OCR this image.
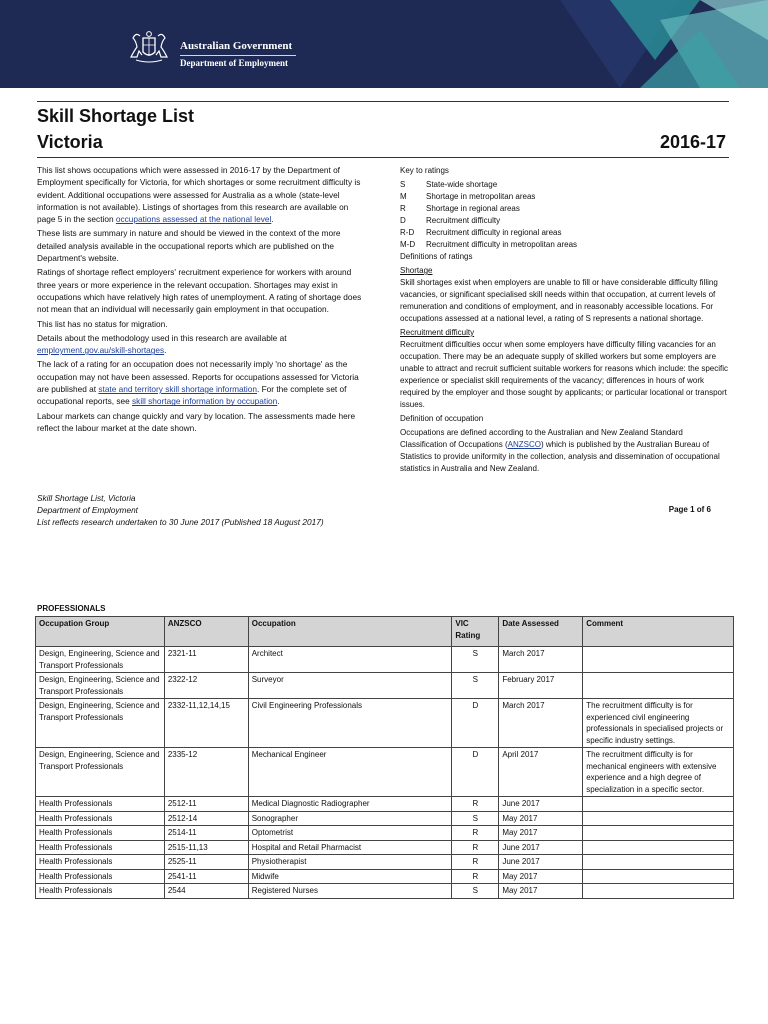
Australian Government
Department of Employment
Skill Shortage List
Victoria	2016-17

This list shows occupations which were assessed in 2016-17 by the Department of Employment specifically for Victoria, for which shortages or some recruitment difficulty is evident. Additional occupations were assessed for Australia as a whole (state-level information is not available). Listings of shortages from this research are available on page 5 in the section occupations assessed at the national level.

These lists are summary in nature and should be viewed in the context of the more detailed analysis available in the occupational reports which are published on the Department's website.

Ratings of shortage reflect employers' recruitment experience for workers with around three years or more experience in the relevant occupation. Shortages may exist in occupations which have relatively high rates of unemployment. A rating of shortage does not mean that an individual will necessarily gain employment in that occupation.

This list has no status for migration.

Details about the methodology used in this research are available at employment.gov.au/skill-shortages.

The lack of a rating for an occupation does not necessarily imply 'no shortage' as the occupation may not have been assessed. Reports for occupations assessed for Victoria are published at state and territory skill shortage information. For the complete set of occupational reports, see skill shortage information by occupation.

Labour markets can change quickly and vary by location. The assessments made here reflect the labour market at the date shown.

Key to ratings

S	State-wide shortage
M	Shortage in metropolitan areas
R	Shortage in regional areas
D	Recruitment difficulty
R-D	Recruitment difficulty in regional areas
M-D	Recruitment difficulty in metropolitan areas

Definitions of ratings

Shortage

Skill shortages exist when employers are unable to fill or have considerable difficulty filling vacancies, or significant specialised skill needs within that occupation, at current levels of remuneration and conditions of employment, and in reasonably accessible locations. For occupations assessed at a national level, a rating of S represents a national shortage.

Recruitment difficulty

Recruitment difficulties occur when some employers have difficulty filling vacancies for an occupation. There may be an adequate supply of skilled workers but some employers are unable to attract and recruit sufficient suitable workers for reasons which include: the specific experience or specialist skill requirements of the vacancy; differences in hours of work required by the employer and those sought by applicants; or particular locational or transport issues.

Definition of occupation

Occupations are defined according to the Australian and New Zealand Standard Classification of Occupations (ANZSCO) which is published by the Australian Bureau of Statistics to provide uniformity in the collection, analysis and dissemination of occupational statistics in Australia and New Zealand.

Skill Shortage List, Victoria
Department of Employment
List reflects research undertaken to 30 June 2017 (Published 18 August 2017)
Page 1 of 6
PROFESSIONALS
Occupation Group	ANZSCO	Occupation	VIC Rating	Date Assessed	Comment
Design, Engineering, Science and Transport Professionals	2321-11	Architect	S	March 2017	
Design, Engineering, Science and Transport Professionals	2322-12	Surveyor	S	February 2017	
Design, Engineering, Science and Transport Professionals	2332-11,12,14,15	Civil Engineering Professionals	D	March 2017	The recruitment difficulty is for experienced civil engineering professionals in specialised projects or specific industry settings.
Design, Engineering, Science and Transport Professionals	2335-12	Mechanical Engineer	D	April 2017	The recruitment difficulty is for mechanical engineers with extensive experience and a high degree of specialization in a specific sector.
Health Professionals	2512-11	Medical Diagnostic Radiographer	R	June 2017	
Health Professionals	2512-14	Sonographer	S	May 2017	
Health Professionals	2514-11	Optometrist	R	May 2017	
Health Professionals	2515-11,13	Hospital and Retail Pharmacist	R	June 2017	
Health Professionals	2525-11	Physiotherapist	R	June 2017	
Health Professionals	2541-11	Midwife	R	May 2017	
Health Professionals	2544	Registered Nurses	S	May 2017	
